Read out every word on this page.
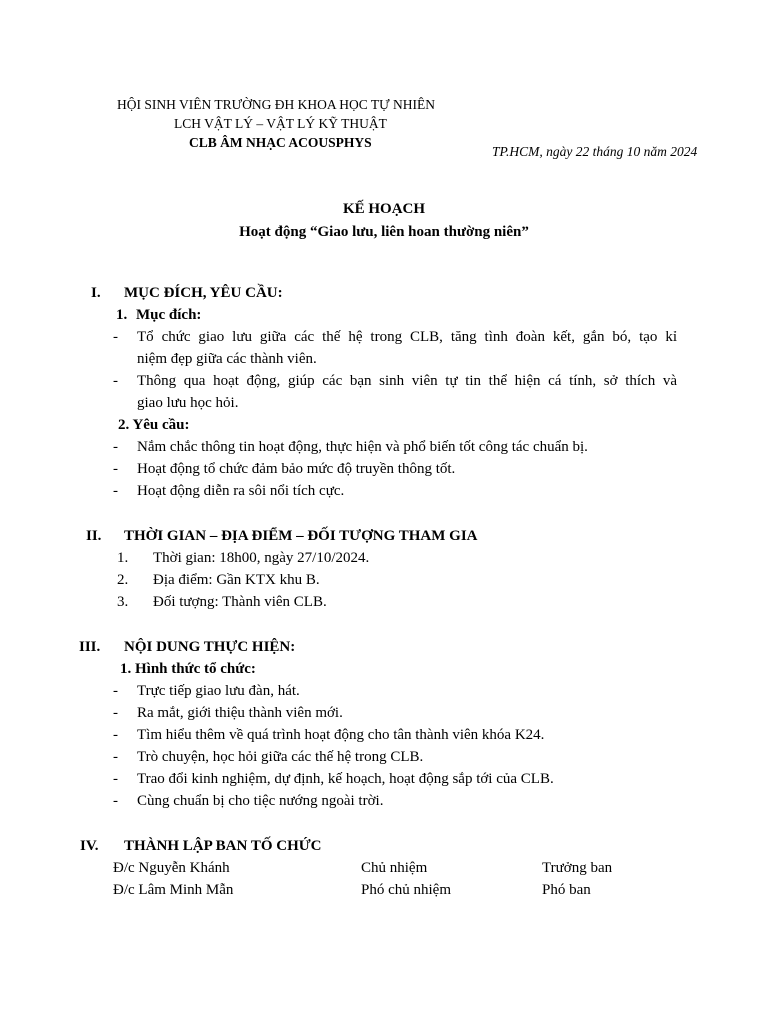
HỘI SINH VIÊN TRƯỜNG ĐH KHOA HỌC TỰ NHIÊN
LCH VẬT LÝ – VẬT LÝ KỸ THUẬT
CLB ÂM NHẠC ACOUSPHYS
TP.HCM, ngày 22 tháng 10 năm 2024
KẾ HOẠCH
Hoạt động “Giao lưu, liên hoan thường niên”
I. MỤC ĐÍCH, YÊU CẦU:
1. Mục đích:
- Tổ chức giao lưu giữa các thế hệ trong CLB, tăng tình đoàn kết, gắn bó, tạo kỉ
niệm đẹp giữa các thành viên.
- Thông qua hoạt động, giúp các bạn sinh viên tự tin thể hiện cá tính, sở thích và
giao lưu học hỏi.
2. Yêu cầu:
- Nắm chắc thông tin hoạt động, thực hiện và phổ biến tốt công tác chuẩn bị.
- Hoạt động tổ chức đảm bảo mức độ truyền thông tốt.
- Hoạt động diễn ra sôi nổi tích cực.
II. THỜI GIAN – ĐỊA ĐIỂM – ĐỐI TƯỢNG THAM GIA
1. Thời gian: 18h00, ngày 27/10/2024.
2. Địa điểm: Gần KTX khu B.
3. Đối tượng: Thành viên CLB.
III. NỘI DUNG THỰC HIỆN:
1. Hình thức tổ chức:
- Trực tiếp giao lưu đàn, hát.
- Ra mắt, giới thiệu thành viên mới.
- Tìm hiểu thêm về quá trình hoạt động cho tân thành viên khóa K24.
- Trò chuyện, học hỏi giữa các thế hệ trong CLB.
- Trao đổi kinh nghiệm, dự định, kế hoạch, hoạt động sắp tới của CLB.
- Cùng chuẩn bị cho tiệc nướng ngoài trời.
IV. THÀNH LẬP BAN TỐ CHỨC
Đ/c Nguyễn Khánh	Chủ nhiệm	Trưởng ban
Đ/c Lâm Minh Mẫn	Phó chủ nhiệm	Phó ban
